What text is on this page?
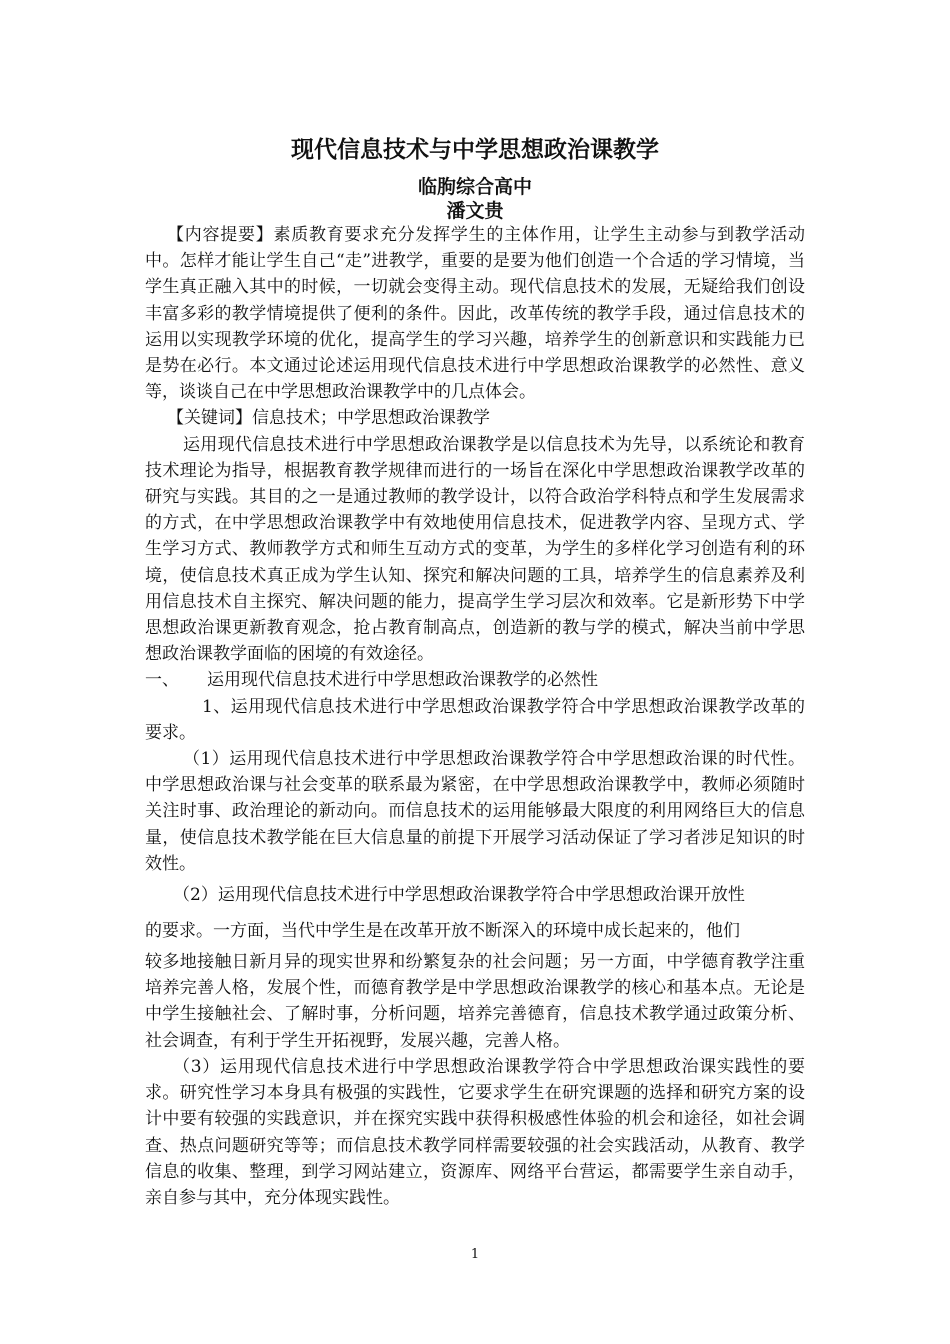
现代信息技术与中学思想政治课教学
临朐综合高中
潘文贵

【内容提要】素质教育要求充分发挥学生的主体作用，让学生主动参与到教学活动中。怎样才能让学生自己“走”进教学，重要的是要为他们创造一个合适的学习情境，当学生真正融入其中的时候，一切就会变得主动。现代信息技术的发展，无疑给我们创设丰富多彩的教学情境提供了便利的条件。因此，改革传统的教学手段，通过信息技术的运用以实现教学环境的优化，提高学生的学习兴趣，培养学生的创新意识和实践能力已是势在必行。本文通过论述运用现代信息技术进行中学思想政治课教学的必然性、意义等，谈谈自己在中学思想政治课教学中的几点体会。

【关键词】信息技术；中学思想政治课教学

运用现代信息技术进行中学思想政治课教学是以信息技术为先导，以系统论和教育技术理论为指导，根据教育教学规律而进行的一场旨在深化中学思想政治课教学改革的研究与实践。其目的之一是通过教师的教学设计，以符合政治学科特点和学生发展需求的方式，在中学思想政治课教学中有效地使用信息技术，促进教学内容、呈现方式、学生学习方式、教师教学方式和师生互动方式的变革，为学生的多样化学习创造有利的环境，使信息技术真正成为学生认知、探究和解决问题的工具，培养学生的信息素养及利用信息技术自主探究、解决问题的能力，提高学生学习层次和效率。它是新形势下中学思想政治课更新教育观念，抢占教育制高点，创造新的教与学的模式，解决当前中学思想政治课教学面临的困境的有效途径。

一、 运用现代信息技术进行中学思想政治课教学的必然性

1、运用现代信息技术进行中学思想政治课教学符合中学思想政治课教学改革的要求。

（1）运用现代信息技术进行中学思想政治课教学符合中学思想政治课的时代性。中学思想政治课与社会变革的联系最为紧密，在中学思想政治课教学中，教师必须随时关注时事、政治理论的新动向。而信息技术的运用能够最大限度的利用网络巨大的信息量，使信息技术教学能在巨大信息量的前提下开展学习活动保证了学习者涉足知识的时效性。

（2）运用现代信息技术进行中学思想政治课教学符合中学思想政治课开放性

的要求。一方面，当代中学生是在改革开放不断深入的环境中成长起来的，他们

较多地接触日新月异的现实世界和纷繁复杂的社会问题；另一方面，中学德育教学注重培养完善人格，发展个性，而德育教学是中学思想政治课教学的核心和基本点。无论是中学生接触社会、了解时事，分析问题，培养完善德育，信息技术教学通过政策分析、社会调查，有利于学生开拓视野，发展兴趣，完善人格。

（3）运用现代信息技术进行中学思想政治课教学符合中学思想政治课实践性的要求。研究性学习本身具有极强的实践性，它要求学生在研究课题的选择和研究方案的设计中要有较强的实践意识，并在探究实践中获得积极感性体验的机会和途径，如社会调查、热点问题研究等等；而信息技术教学同样需要较强的社会实践活动，从教育、教学信息的收集、整理，到学习网站建立，资源库、网络平台营运，都需要学生亲自动手，亲自参与其中，充分体现实践性。

1
